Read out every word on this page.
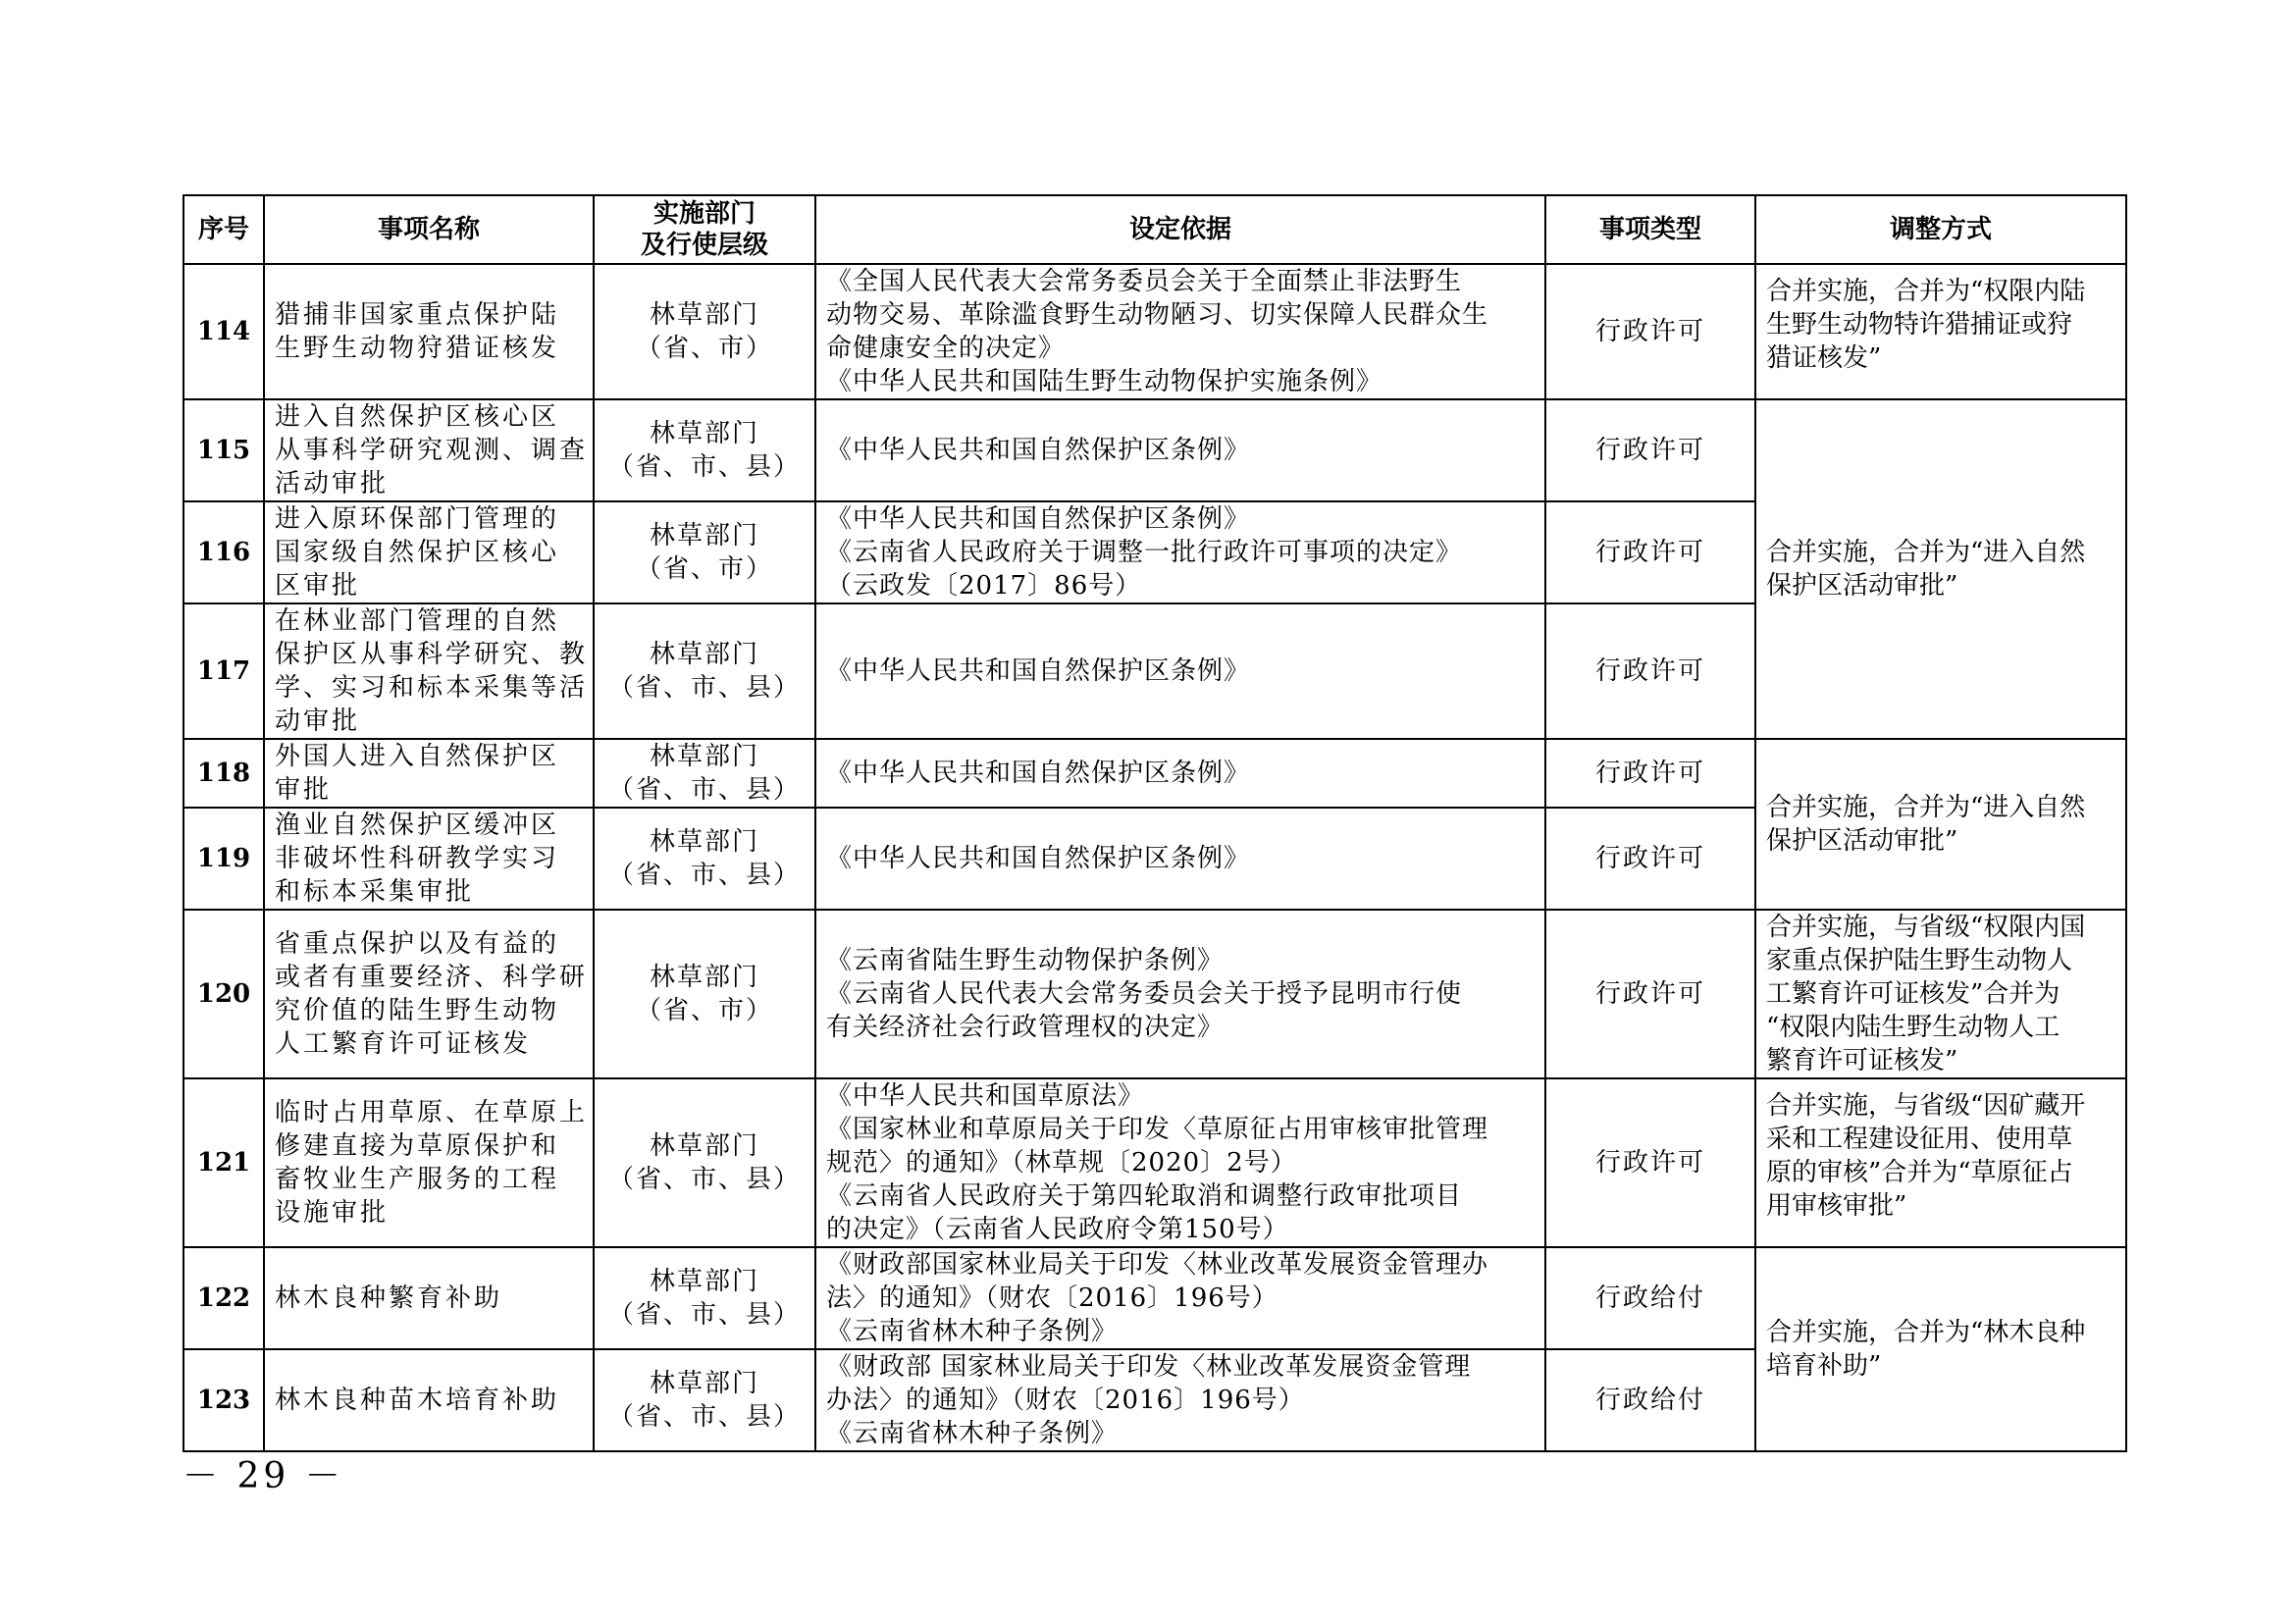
序号	事项名称	实施部门
及行使层级	设定依据	事项类型	调整方式
114	猎捕非国家重点保护陆
生野生动物狩猎证核发	林草部门
（省、市）	《全国人民代表大会常务委员会关于全面禁止非法野生
动物交易、革除滥食野生动物陋习、切实保障人民群众生
命健康安全的决定》
《中华人民共和国陆生野生动物保护实施条例》	行政许可	合并实施，合并为“权限内陆
生野生动物特许猎捕证或狩
猎证核发”

115	进入自然保护区核心区
从事科学研究观测、调查
活动审批	林草部门
（省、市、县）	《中华人民共和国自然保护区条例》	行政许可	合并实施，合并为“进入自然
保护区活动审批”

116	进入原环保部门管理的
国家级自然保护区核心
区审批	林草部门
（省、市）	《中华人民共和国自然保护区条例》
《云南省人民政府关于调整一批行政许可事项的决定》
（云政发〔2017〕86号）	行政许可	
117	在林业部门管理的自然
保护区从事科学研究、教
学、实习和标本采集等活
动审批	林草部门
（省、市、县）	《中华人民共和国自然保护区条例》	行政许可	
118	外国人进入自然保护区
审批	林草部门
（省、市、县）	《中华人民共和国自然保护区条例》	行政许可	合并实施，合并为“进入自然
保护区活动审批”

119	渔业自然保护区缓冲区
非破坏性科研教学实习
和标本采集审批	林草部门
（省、市、县）	《中华人民共和国自然保护区条例》	行政许可	
120	省重点保护以及有益的
或者有重要经济、科学研
究价值的陆生野生动物
人工繁育许可证核发	林草部门
（省、市）	《云南省陆生野生动物保护条例》
《云南省人民代表大会常务委员会关于授予昆明市行使
有关经济社会行政管理权的决定》	行政许可	合并实施，与省级“权限内国
家重点保护陆生野生动物人
工繁育许可证核发”合并为
“权限内陆生野生动物人工
繁育许可证核发”

121	临时占用草原、在草原上
修建直接为草原保护和
畜牧业生产服务的工程
设施审批	林草部门
（省、市、县）	《中华人民共和国草原法》
《国家林业和草原局关于印发〈草原征占用审核审批管理
规范〉的通知》（林草规〔2020〕2号）
《云南省人民政府关于第四轮取消和调整行政审批项目
的决定》（云南省人民政府令第150号）	行政许可	合并实施，与省级“因矿藏开
采和工程建设征用、使用草
原的审核”合并为“草原征占
用审核审批”

122	林木良种繁育补助	林草部门
（省、市、县）	《财政部国家林业局关于印发〈林业改革发展资金管理办
法〉的通知》（财农〔2016〕196号）
《云南省林木种子条例》	行政给付	合并实施，合并为“林木良种
培育补助”

123	林木良种苗木培育补助	林草部门
（省、市、县）	《财政部 国家林业局关于印发〈林业改革发展资金管理
办法〉的通知》（财农〔2016〕196号）
《云南省林木种子条例》	行政给付	
－ 29 －
